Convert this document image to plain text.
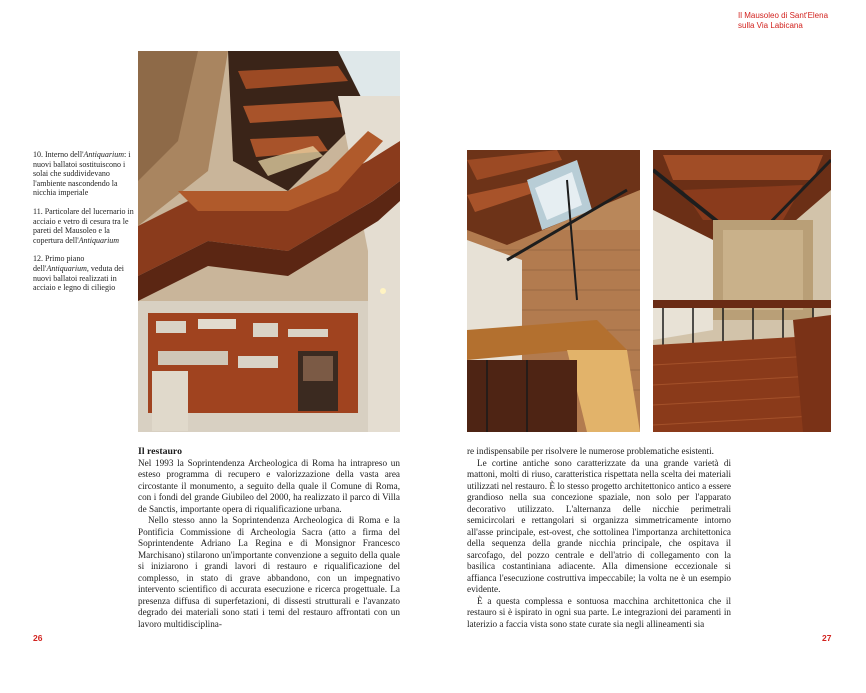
Il Mausoleo di Sant'Elena
sulla Via Labicana

10. Interno dell'Antiquarium: i nuovi ballatoi sostituiscono i solai che suddividevano l'ambiente nascondendo la nicchia imperiale

11. Particolare del lucernario in acciaio e vetro di cesura tra le pareti del Mausoleo e la copertura dell'Antiquarium

12. Primo piano dell'Antiquarium, veduta dei nuovi ballatoi realizzati in acciaio e legno di ciliegio

Il restauro

Nel 1993 la Soprintendenza Archeologica di Roma ha intrapreso un esteso programma di recupero e valorizzazione della vasta area circostante il monumento, a seguito della quale il Comune di Roma, con i fondi del grande Giubileo del 2000, ha realizzato il parco di Villa de Sanctis, importante opera di riqualificazione urbana.

Nello stesso anno la Soprintendenza Archeologica di Roma e la Pontificia Commissione di Archeologia Sacra (atto a firma del Soprintendente Adriano La Regina e di Monsignor Francesco Marchisano) stilarono un'importante convenzione a seguito della quale si iniziarono i grandi lavori di restauro e riqualificazione del complesso, in stato di grave abbandono, con un impegnativo intervento scientifico di accurata esecuzione e ricerca progettuale. La presenza diffusa di superfetazioni, di dissesti strutturali e l'avanzato degrado dei materiali sono stati i temi del restauro affrontati con un lavoro multidisciplina-

re indispensabile per risolvere le numerose problematiche esistenti.

Le cortine antiche sono caratterizzate da una grande varietà di mattoni, molti di riuso, caratteristica rispettata nella scelta dei materiali utilizzati nel restauro. È lo stesso progetto architettonico antico a essere grandioso nella sua concezione spaziale, non solo per l'apparato decorativo utilizzato. L'alternanza delle nicchie perimetrali semicircolari e rettangolari si organizza simmetricamente intorno all'asse principale, est-ovest, che sottolinea l'importanza architettonica della sequenza della grande nicchia principale, che ospitava il sarcofago, del pozzo centrale e dell'atrio di collegamento con la basilica costantiniana adiacente. Alla dimensione eccezionale si affianca l'esecuzione costruttiva impeccabile; la volta ne è un esempio evidente.

È a questa complessa e sontuosa macchina architettonica che il restauro si è ispirato in ogni sua parte. Le integrazioni dei paramenti in laterizio a faccia vista sono state curate sia negli allineamenti sia

26	27
